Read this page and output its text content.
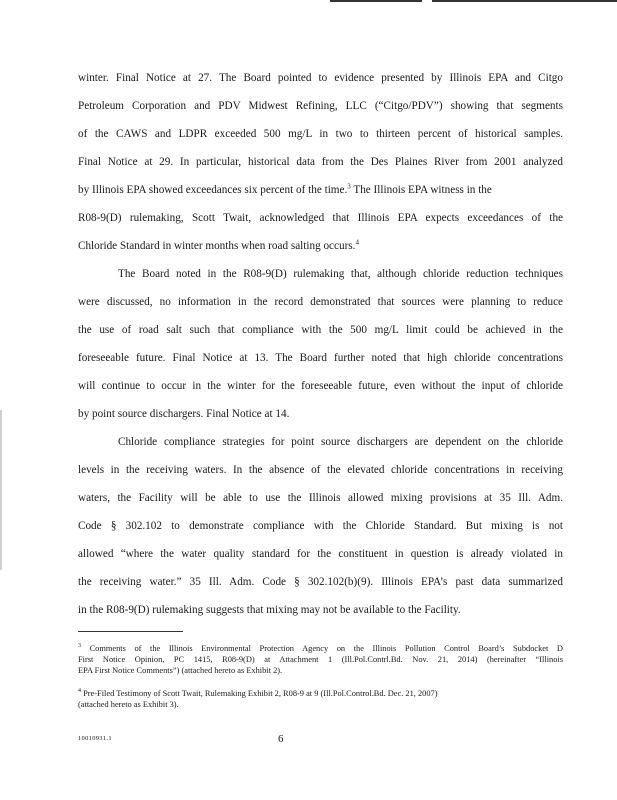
winter. Final Notice at 27. The Board pointed to evidence presented by Illinois EPA and Citgo
Petroleum Corporation and PDV Midwest Refining, LLC (“Citgo/PDV”) showing that segments
of the CAWS and LDPR exceeded 500 mg/L in two to thirteen percent of historical samples.
Final Notice at 29. In particular, historical data from the Des Plaines River from 2001 analyzed
by Illinois EPA showed exceedances six percent of the time.$^3$ The Illinois EPA witness in the
R08-9(D) rulemaking, Scott Twait, acknowledged that Illinois EPA expects exceedances of the
Chloride Standard in winter months when road salting occurs.$^4$
The Board noted in the R08-9(D) rulemaking that, although chloride reduction techniques
were discussed, no information in the record demonstrated that sources were planning to reduce
the use of road salt such that compliance with the 500 mg/L limit could be achieved in the
foreseeable future. Final Notice at 13. The Board further noted that high chloride concentrations
will continue to occur in the winter for the foreseeable future, even without the input of chloride
by point source dischargers. Final Notice at 14.
Chloride compliance strategies for point source dischargers are dependent on the chloride
levels in the receiving waters. In the absence of the elevated chloride concentrations in receiving
waters, the Facility will be able to use the Illinois allowed mixing provisions at 35 Ill. Adm.
Code § 302.102 to demonstrate compliance with the Chloride Standard. But mixing is not
allowed “where the water quality standard for the constituent in question is already violated in
the receiving water.” 35 Ill. Adm. Code § 302.102(b)(9). Illinois EPA’s past data summarized
in the R08-9(D) rulemaking suggests that mixing may not be available to the Facility.
$^3$ Comments of the Illinois Environmental Protection Agency on the Illinois Pollution Control Board’s Subdocket D
First Notice Opinion, PC 1415, R08-9(D) at Attachment 1 (Ill.Pol.Contrl.Bd. Nov. 21, 2014) (hereinafter “Illinois
EPA First Notice Comments”) (attached hereto as Exhibit 2).
$^4$ Pre-Filed Testimony of Scott Twait, Rulemaking Exhibit 2, R08-9 at 9 (Ill.Pol.Control.Bd. Dec. 21, 2007)
(attached hereto as Exhibit 3).
10010931.1	6
